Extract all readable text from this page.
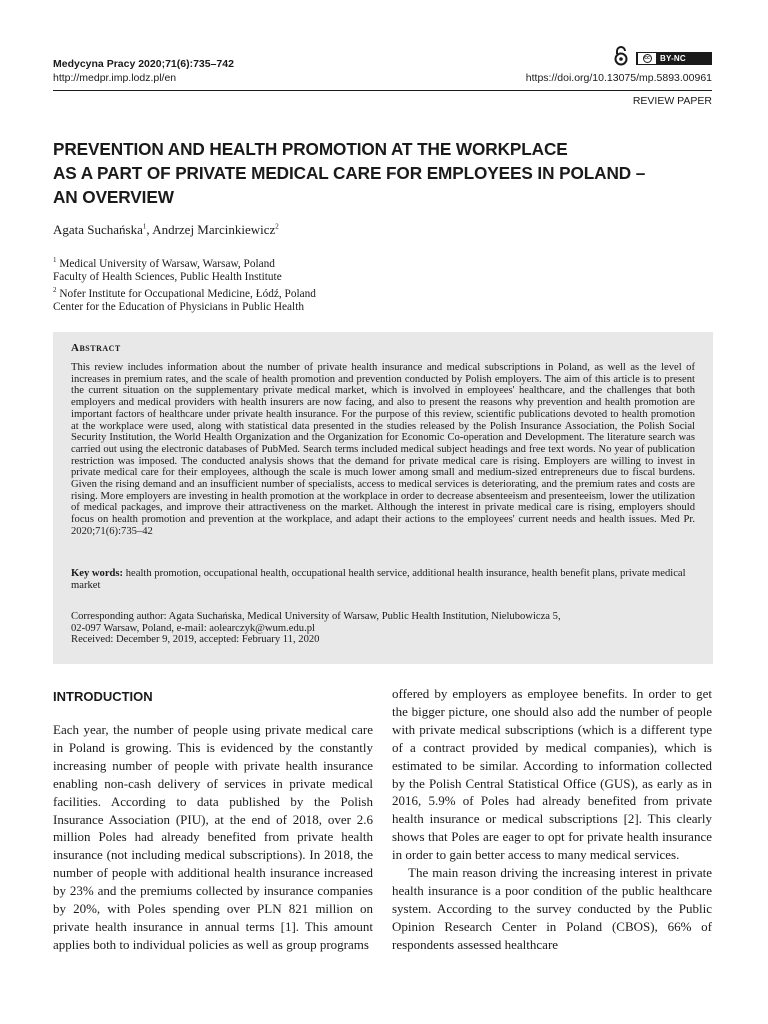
Medycyna Pracy 2020;71(6):735–742
http://medpr.imp.lodz.pl/en
cc BY-NC
https://doi.org/10.13075/mp.5893.00961
REVIEW PAPER
PREVENTION AND HEALTH PROMOTION AT THE WORKPLACE
AS A PART OF PRIVATE MEDICAL CARE FOR EMPLOYEES IN POLAND –
AN OVERVIEW
Agata Suchańska$^1$, Andrzej Marcinkiewicz$^2$
$^1$ Medical University of Warsaw, Warsaw, Poland
Faculty of Health Sciences, Public Health Institute
$^2$ Nofer Institute for Occupational Medicine, Łódź, Poland
Center for the Education of Physicians in Public Health
Abstract
This review includes information about the number of private health insurance and medical subscriptions in Poland, as well as the level of increases in premium rates, and the scale of health promotion and prevention conducted by Polish employers. The aim of this article is to present the current situation on the supplementary private medical market, which is involved in employees' healthcare, and the challenges that both employers and medical providers with health insurers are now facing, and also to present the reasons why prevention and health promotion are important factors of healthcare under private health insurance. For the purpose of this review, scientific publications devoted to health promotion at the workplace were used, along with statistical data presented in the studies released by the Polish Insurance Association, the Polish Social Security Institution, the World Health Organization and the Organization for Economic Co-operation and Development. The literature search was carried out using the electronic databases of PubMed. Search terms included medical subject headings and free text words. No year of publication restriction was imposed. The conducted analysis shows that the demand for private medical care is rising. Employers are willing to invest in private medical care for their employees, although the scale is much lower among small and medium-sized entrepreneurs due to fiscal burdens. Given the rising demand and an insufficient number of specialists, access to medical services is deteriorating, and the premium rates and costs are rising. More employers are investing in health promotion at the workplace in order to decrease absenteeism and presenteeism, lower the utilization of medical packages, and improve their attractiveness on the market. Although the interest in private medical care is rising, employers should focus on health promotion and prevention at the workplace, and adapt their actions to the employees' current needs and health issues. Med Pr. 2020;71(6):735–42
Key words: health promotion, occupational health, occupational health service, additional health insurance, health benefit plans, private medical market
Corresponding author: Agata Suchańska, Medical University of Warsaw, Public Health Institution, Nielubowicza 5,
02-097 Warsaw, Poland, e-mail: aolearczyk@wum.edu.pl
Received: December 9, 2019, accepted: February 11, 2020
INTRODUCTION

Each year, the number of people using private medical care in Poland is growing. This is evidenced by the constantly increasing number of people with private health insurance enabling non-cash delivery of services in private medical facilities. According to data published by the Polish Insurance Association (PIU), at the end of 2018, over 2.6 million Poles had already benefited from private health insurance (not including medical subscriptions). In 2018, the number of people with additional health insurance increased by 23% and the premiums collected by insurance companies by 20%, with Poles spending over PLN 821 million on private health insurance in annual terms [1]. This amount applies both to individual policies as well as group programs

offered by employers as employee benefits. In order to get the bigger picture, one should also add the number of people with private medical subscriptions (which is a different type of a contract provided by medical companies), which is estimated to be similar. According to information collected by the Polish Central Statistical Office (GUS), as early as in 2016, 5.9% of Poles had already benefited from private health insurance or medical subscriptions [2]. This clearly shows that Poles are eager to opt for private health insurance in order to gain better access to many medical services.

The main reason driving the increasing interest in private health insurance is a poor condition of the public healthcare system. According to the survey conducted by the Public Opinion Research Center in Poland (CBOS), 66% of respondents assessed healthcare
